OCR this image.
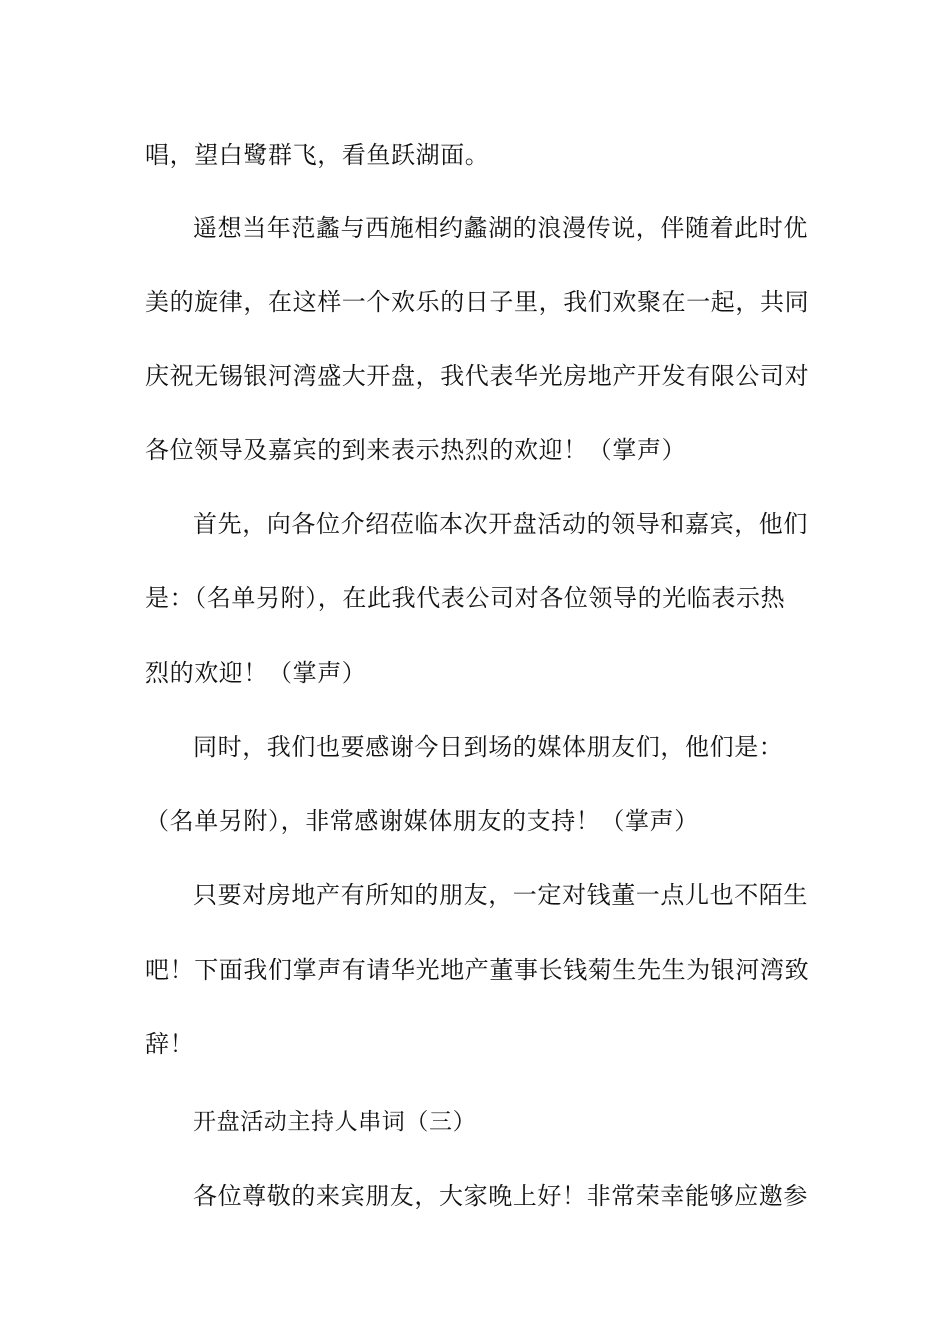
唱，望白鹭群飞，看鱼跃湖面。
遥想当年范蠡与西施相约蠡湖的浪漫传说，伴随着此时优
美的旋律，在这样一个欢乐的日子里，我们欢聚在一起，共同
庆祝无锡银河湾盛大开盘，我代表华光房地产开发有限公司对
各位领导及嘉宾的到来表示热烈的欢迎！（掌声）
首先，向各位介绍莅临本次开盘活动的领导和嘉宾，他们
是：（名单另附），在此我代表公司对各位领导的光临表示热
烈的欢迎！（掌声）
同时，我们也要感谢今日到场的媒体朋友们，他们是：
（名单另附），非常感谢媒体朋友的支持！（掌声）
只要对房地产有所知的朋友，一定对钱董一点儿也不陌生
吧！下面我们掌声有请华光地产董事长钱菊生先生为银河湾致
辞！
开盘活动主持人串词（三）
各位尊敬的来宾朋友，大家晚上好！非常荣幸能够应邀参
